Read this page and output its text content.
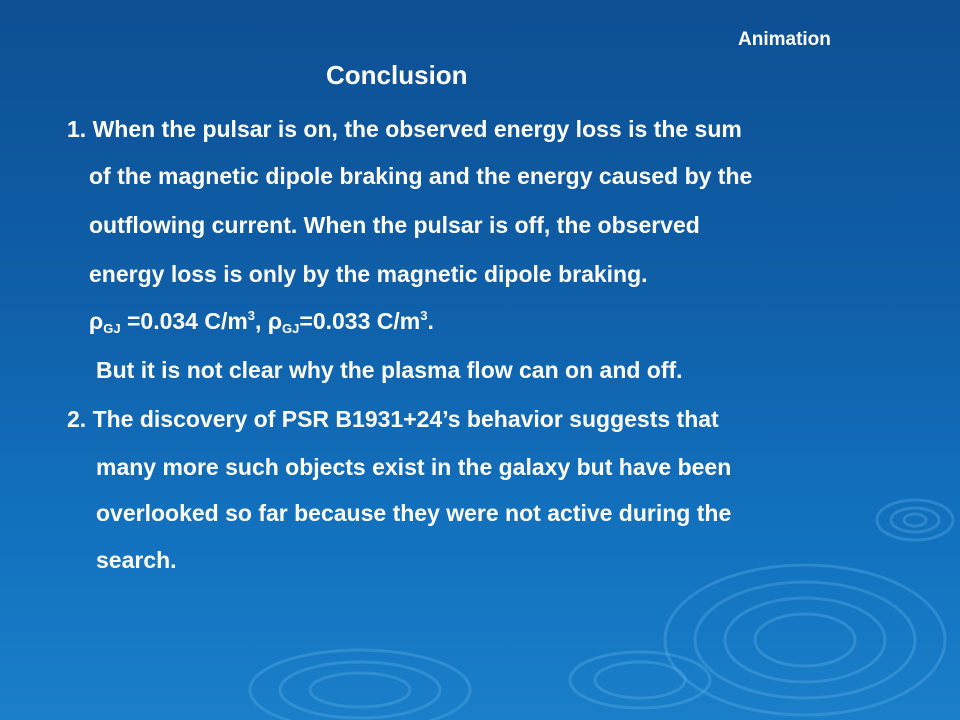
Animation
Conclusion
1. When the pulsar is on, the observed energy loss is the sum
of the magnetic dipole braking and the energy caused by the
outflowing current. When the pulsar is off, the observed
energy loss is only by the magnetic dipole braking.
$\rho_{GJ} =0.034$ $C/m^3$, $\rho_{GJ}=0.033$ $C/m^3$.
But it is not clear why the plasma flow can on and off.
2. The discovery of PSR B1931+24’s behavior suggests that
many more such objects exist in the galaxy but have been
overlooked so far because they were not active during the
search.
